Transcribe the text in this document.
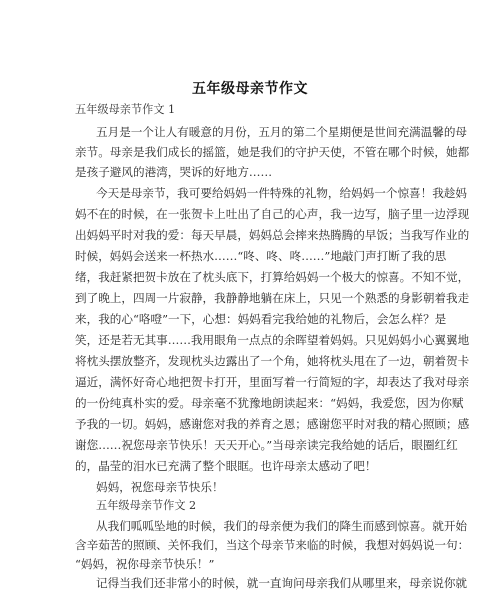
五年级母亲节作文
五年级母亲节作文 1
五月是一个让人有暖意的月份，五月的第二个星期便是世间充满温馨的母
亲节。母亲是我们成长的摇篮，她是我们的守护天使，不管在哪个时候，她都
是孩子避风的港湾，哭诉的好地方……
今天是母亲节，我可要给妈妈一件特殊的礼物，给妈妈一个惊喜！我趁妈
妈不在的时候，在一张贺卡上吐出了自己的心声，我一边写，脑子里一边浮现
出妈妈平时对我的爱：每天早晨，妈妈总会摔来热腾腾的早饭；当我写作业的
时候，妈妈会送来一杯热水……“咚、咚、咚……”地敲门声打断了我的思
绪，我赶紧把贺卡放在了枕头底下，打算给妈妈一个极大的惊喜。不知不觉，
到了晚上，四周一片寂静，我静静地躺在床上，只见一个熟悉的身影朝着我走
来，我的心“咯噔”一下，心想：妈妈看完我给她的礼物后，会怎么样？是
笑，还是若无其事……我用眼角一点点的余晖望着妈妈。只见妈妈小心翼翼地
将枕头摆放整齐，发现枕头边露出了一个角，她将枕头甩在了一边，朝着贺卡
逼近，满怀好奇心地把贺卡打开，里面写着一行简短的字，却表达了我对母亲
的一份纯真朴实的爱。母亲毫不犹豫地朗读起来：“妈妈，我爱您，因为你赋
予我的一切。妈妈，感谢您对我的养育之恩；感谢您平时对我的精心照顾；感
谢您……祝您母亲节快乐！天天开心。”当母亲读完我给她的话后，眼圈红红
的，晶莹的泪水已充满了整个眼眶。也许母亲太感动了吧！
妈妈，祝您母亲节快乐！
五年级母亲节作文 2
从我们呱呱坠地的时候，我们的母亲便为我们的降生而感到惊喜。就开始
含辛茹苦的照顾、关怀我们，当这个母亲节来临的时候，我想对妈妈说一句：
“妈妈，祝你母亲节快乐！”
记得当我们还非常小的时候，就一直询问母亲我们从哪里来，母亲说你就
